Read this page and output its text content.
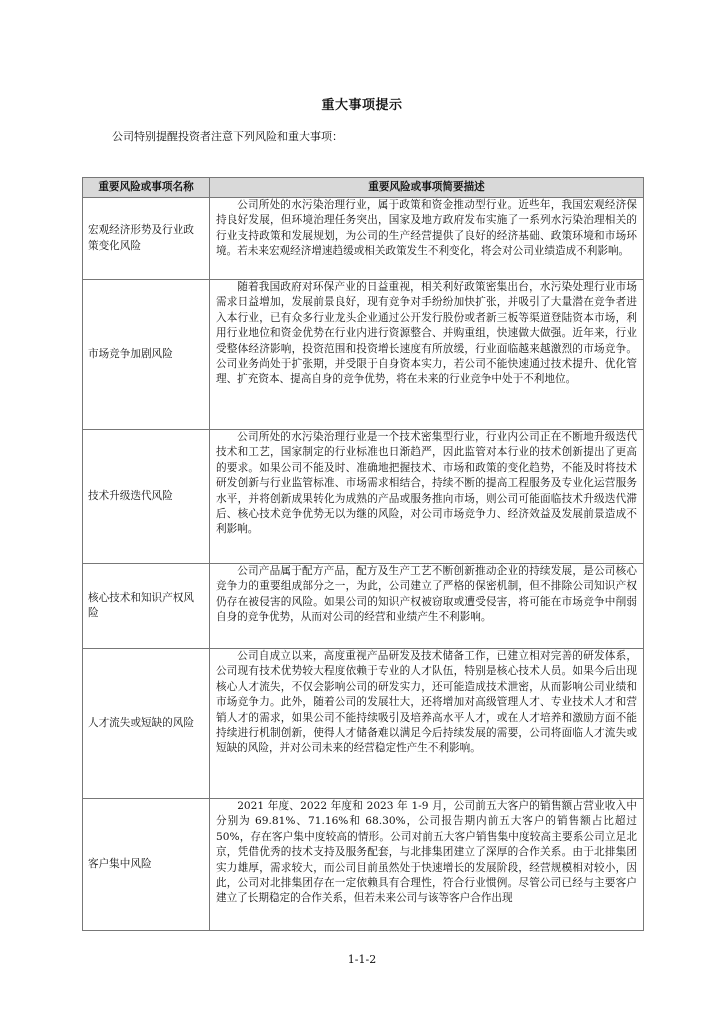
重大事项提示
公司特别提醒投资者注意下列风险和重大事项：
重要风险或事项名称	重要风险或事项简要描述
宏观经济形势及行业政策变化风险	公司所处的水污染治理行业，属于政策和资金推动型行业。近些年，我国宏观经济保持良好发展，但环境治理任务突出，国家及地方政府发布实施了一系列水污染治理相关的行业支持政策和发展规划，为公司的生产经营提供了良好的经济基础、政策环境和市场环境。若未来宏观经济增速趋缓或相关政策发生不利变化，将会对公司业绩造成不利影响。

市场竞争加剧风险	随着我国政府对环保产业的日益重视，相关利好政策密集出台，水污染处理行业市场需求日益增加，发展前景良好，现有竞争对手纷纷加快扩张，并吸引了大量潜在竞争者进入本行业，已有众多行业龙头企业通过公开发行股份或者新三板等渠道登陆资本市场，利用行业地位和资金优势在行业内进行资源整合、并购重组，快速做大做强。近年来，行业受整体经济影响，投资范围和投资增长速度有所放缓，行业面临越来越激烈的市场竞争。公司业务尚处于扩张期，并受限于自身资本实力，若公司不能快速通过技术提升、优化管理、扩充资本、提高自身的竞争优势，将在未来的行业竞争中处于不利地位。

技术升级迭代风险	公司所处的水污染治理行业是一个技术密集型行业，行业内公司正在不断地升级迭代技术和工艺，国家制定的行业标准也日渐趋严，因此监管对本行业的技术创新提出了更高的要求。如果公司不能及时、准确地把握技术、市场和政策的变化趋势，不能及时将技术研发创新与行业监管标准、市场需求相结合，持续不断的提高工程服务及专业化运营服务水平，并将创新成果转化为成熟的产品或服务推向市场，则公司可能面临技术升级迭代滞后、核心技术竞争优势无以为继的风险，对公司市场竞争力、经济效益及发展前景造成不利影响。

核心技术和知识产权风险	公司产品属于配方产品，配方及生产工艺不断创新推动企业的持续发展，是公司核心竞争力的重要组成部分之一，为此，公司建立了严格的保密机制，但不排除公司知识产权仍存在被侵害的风险。如果公司的知识产权被窃取或遭受侵害，将可能在市场竞争中削弱自身的竞争优势，从而对公司的经营和业绩产生不利影响。

人才流失或短缺的风险	公司自成立以来，高度重视产品研发及技术储备工作，已建立相对完善的研发体系，公司现有技术优势较大程度依赖于专业的人才队伍，特别是核心技术人员。如果今后出现核心人才流失，不仅会影响公司的研发实力，还可能造成技术泄密，从而影响公司业绩和市场竞争力。此外，随着公司的发展壮大，还将增加对高级管理人才、专业技术人才和营销人才的需求，如果公司不能持续吸引及培养高水平人才，或在人才培养和激励方面不能持续进行机制创新，使得人才储备难以满足今后持续发展的需要，公司将面临人才流失或短缺的风险，并对公司未来的经营稳定性产生不利影响。

客户集中风险	2021 年度、2022 年度和 2023 年 1-9 月，公司前五大客户的销售额占营业收入中分别为 69.81%、71.16%和 68.30%，公司报告期内前五大客户的销售额占比超过 50%，存在客户集中度较高的情形。公司对前五大客户销售集中度较高主要系公司立足北京，凭借优秀的技术支持及服务配套，与北排集团建立了深厚的合作关系。由于北排集团实力雄厚，需求较大，而公司目前虽然处于快速增长的发展阶段，经营规模相对较小，因此，公司对北排集团存在一定依赖具有合理性，符合行业惯例。尽管公司已经与主要客户建立了长期稳定的合作关系，但若未来公司与该等客户合作出现

1-1-2
